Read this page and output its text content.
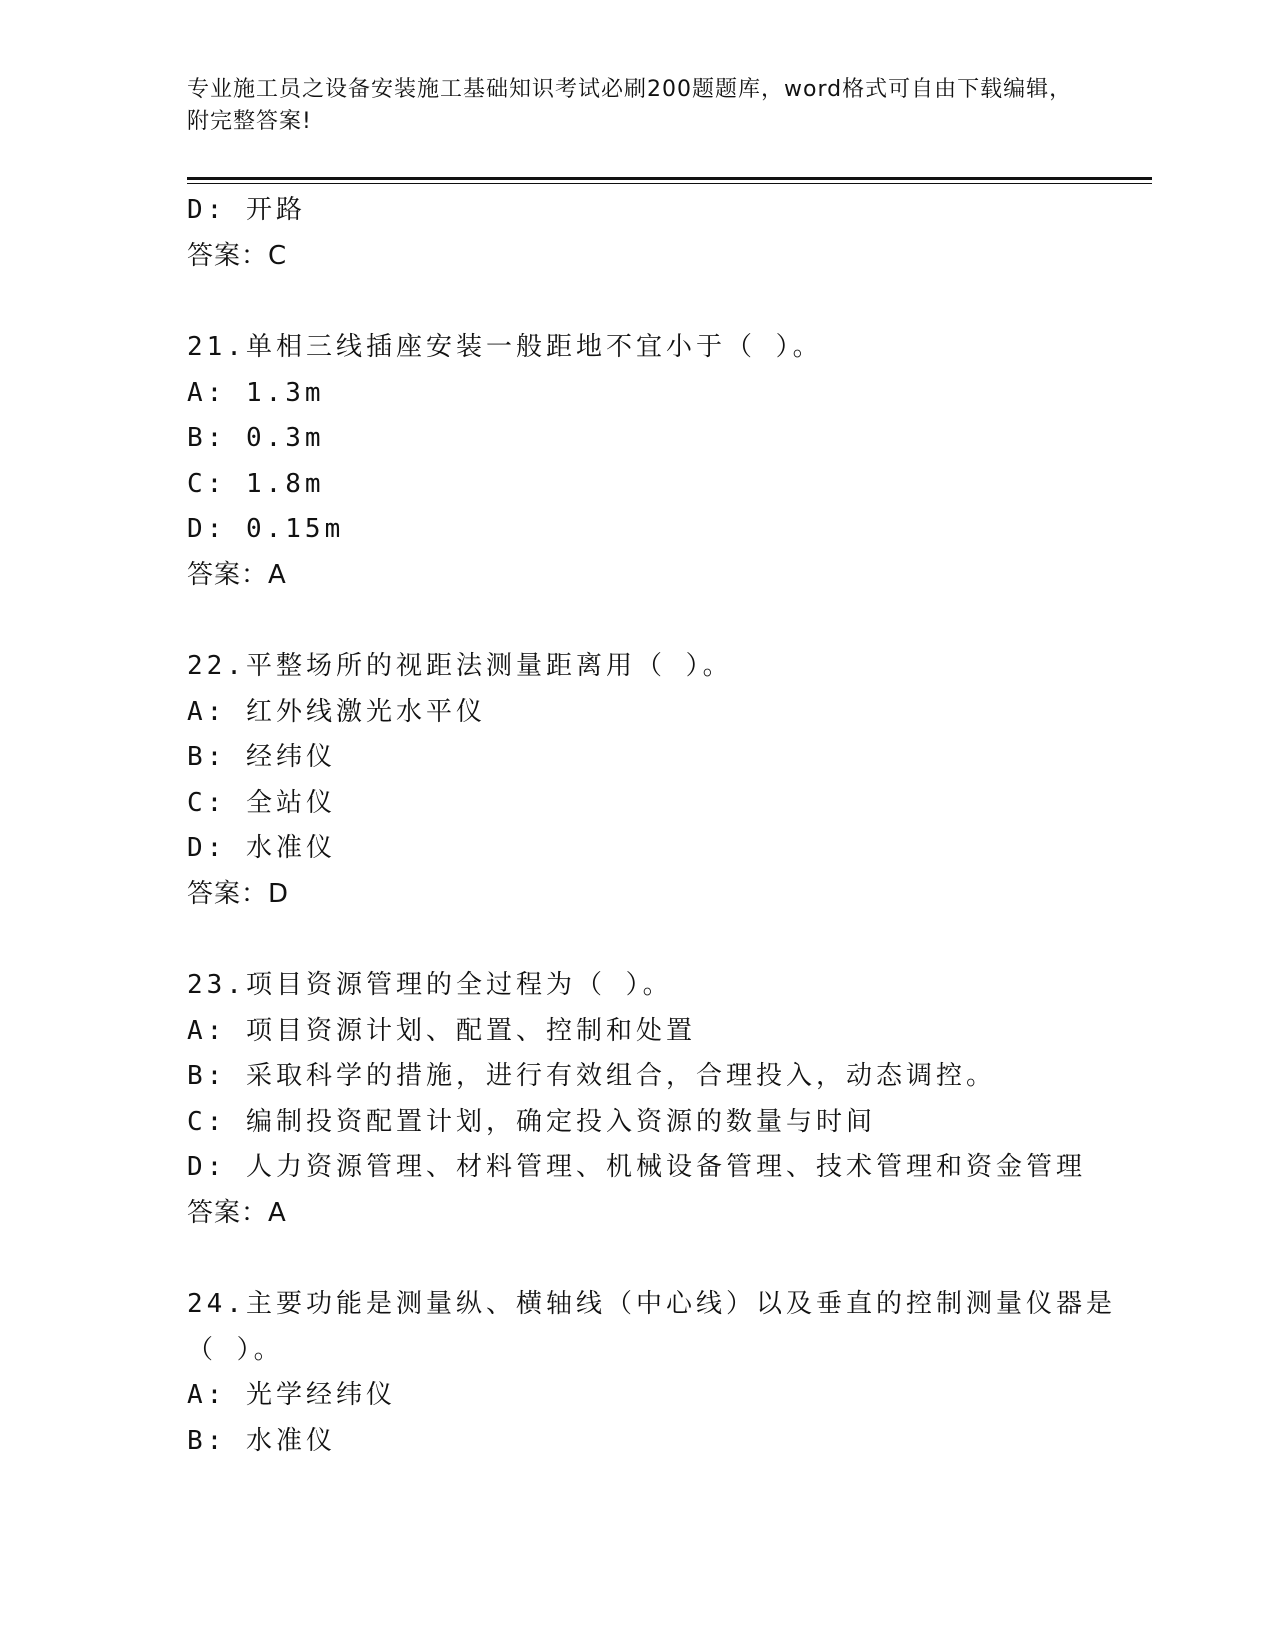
专业施工员之设备安装施工基础知识考试必刷200题题库，word格式可自由下载编辑，附完整答案!
D: 开路
答案：C
21.单相三线插座安装一般距地不宜小于（ ）。
A: 1.3m
B: 0.3m
C: 1.8m
D: 0.15m
答案：A
22.平整场所的视距法测量距离用（ ）。
A: 红外线激光水平仪
B: 经纬仪
C: 全站仪
D: 水准仪
答案：D
23.项目资源管理的全过程为（ ）。
A: 项目资源计划、配置、控制和处置
B: 采取科学的措施，进行有效组合，合理投入，动态调控。
C: 编制投资配置计划，确定投入资源的数量与时间
D: 人力资源管理、材料管理、机械设备管理、技术管理和资金管理
答案：A
24.主要功能是测量纵、横轴线（中心线）以及垂直的控制测量仪器是
（ ）。
A: 光学经纬仪
B: 水准仪
